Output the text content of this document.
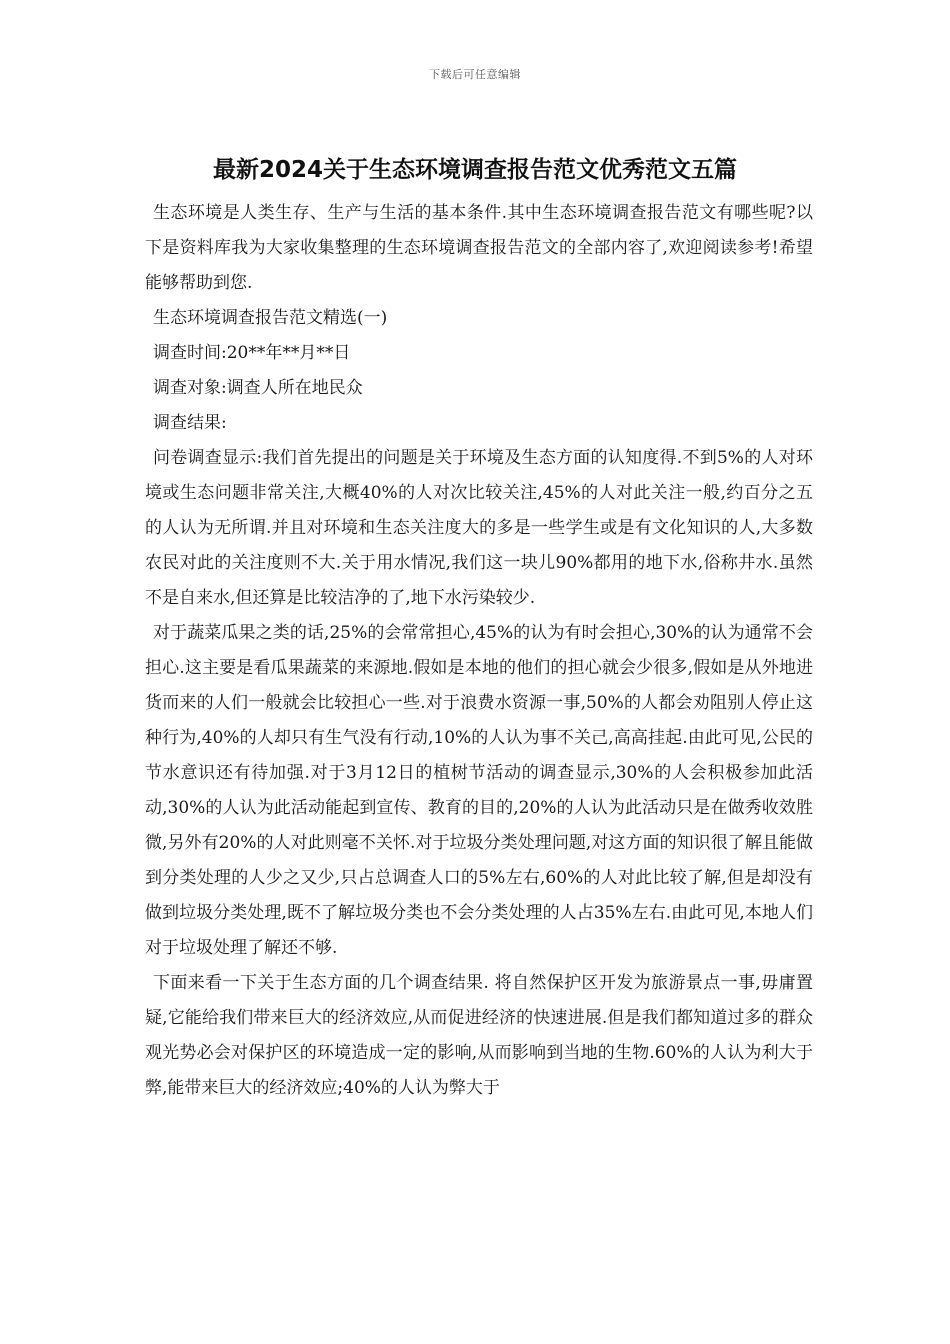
下载后可任意编辑
最新2024关于生态环境调查报告范文优秀范文五篇

生态环境是人类生存、生产与生活的基本条件.其中生态环境调查报告范文有哪些呢?以下是资料库我为大家收集整理的生态环境调查报告范文的全部内容了,欢迎阅读参考!希望能够帮助到您.

生态环境调查报告范文精选(一)

调查时间:20**年**月**日

调查对象:调查人所在地民众

调查结果:

问卷调查显示:我们首先提出的问题是关于环境及生态方面的认知度得.不到5%的人对环境或生态问题非常关注,大概40%的人对次比较关注,45%的人对此关注一般,约百分之五的人认为无所谓.并且对环境和生态关注度大的多是一些学生或是有文化知识的人,大多数农民对此的关注度则不大.关于用水情况,我们这一块儿90%都用的地下水,俗称井水.虽然不是自来水,但还算是比较洁净的了,地下水污染较少.

对于蔬菜瓜果之类的话,25%的会常常担心,45%的认为有时会担心,30%的认为通常不会担心.这主要是看瓜果蔬菜的来源地.假如是本地的他们的担心就会少很多,假如是从外地进货而来的人们一般就会比较担心一些.对于浪费水资源一事,50%的人都会劝阻别人停止这种行为,40%的人却只有生气没有行动,10%的人认为事不关己,高高挂起.由此可见,公民的节水意识还有待加强.对于3月12日的植树节活动的调查显示,30%的人会积极参加此活动,30%的人认为此活动能起到宣传、教育的目的,20%的人认为此活动只是在做秀收效胜微,另外有20%的人对此则毫不关怀.对于垃圾分类处理问题,对这方面的知识很了解且能做到分类处理的人少之又少,只占总调查人口的5%左右,60%的人对此比较了解,但是却没有做到垃圾分类处理,既不了解垃圾分类也不会分类处理的人占35%左右.由此可见,本地人们对于垃圾处理了解还不够.

下面来看一下关于生态方面的几个调查结果. 将自然保护区开发为旅游景点一事,毋庸置疑,它能给我们带来巨大的经济效应,从而促进经济的快速进展.但是我们都知道过多的群众观光势必会对保护区的环境造成一定的影响,从而影响到当地的生物.60%的人认为利大于弊,能带来巨大的经济效应;40%的人认为弊大于
